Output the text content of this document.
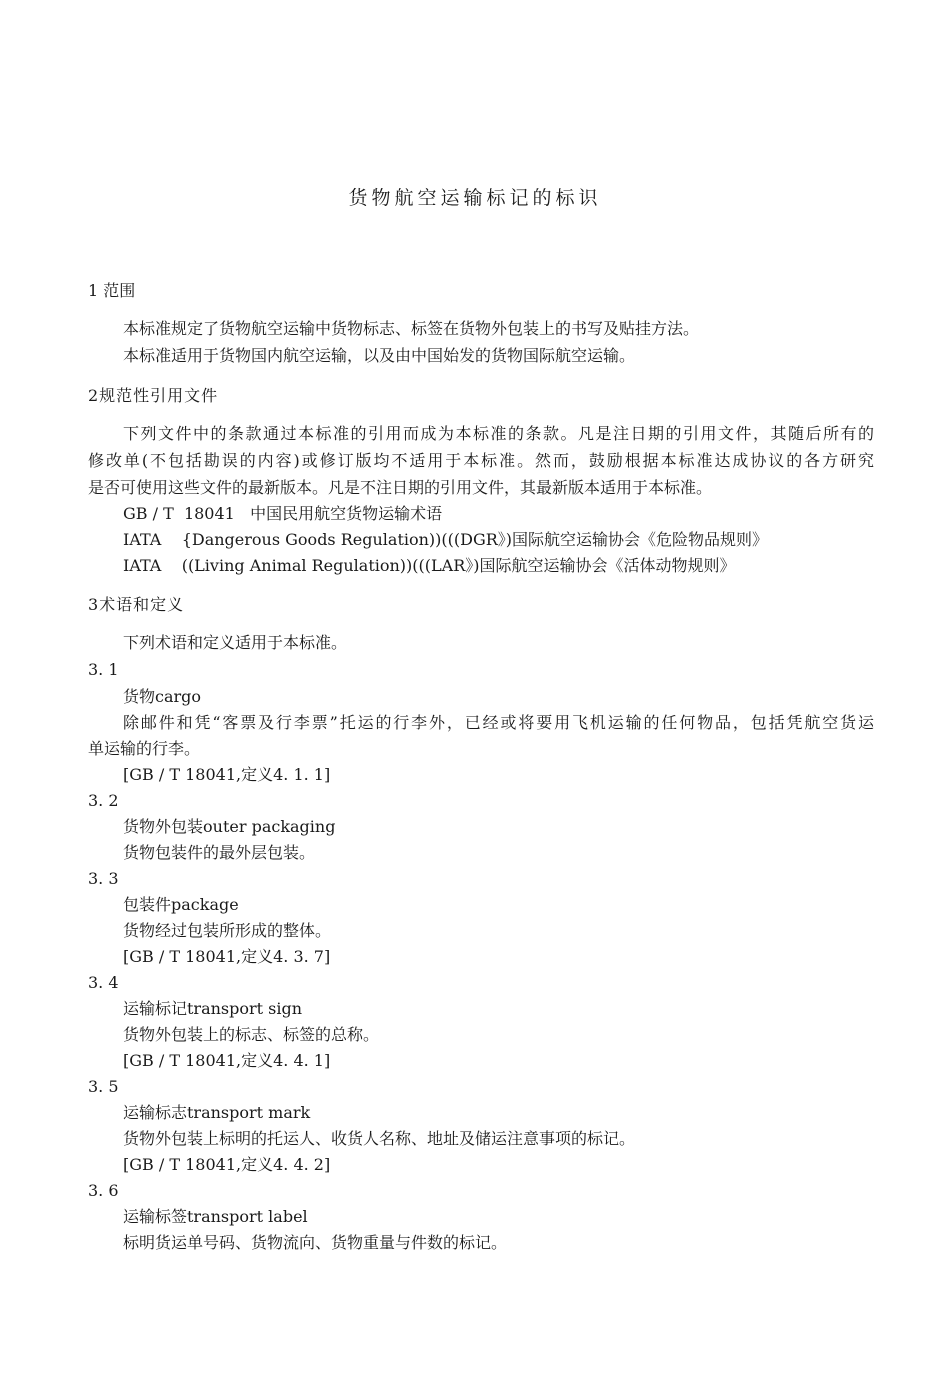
货物航空运输标记的标识
1 范围
本标准规定了货物航空运输中货物标志、标签在货物外包装上的书写及贴挂方法。
本标准适用于货物国内航空运输，以及由中国始发的货物国际航空运输。
2规范性引用文件
下列文件中的条款通过本标准的引用而成为本标准的条款。凡是注日期的引用文件，其随后所有的
修改单(不包括勘误的内容)或修订版均不适用于本标准。然而，鼓励根据本标准达成协议的各方研究
是否可使用这些文件的最新版本。凡是不注日期的引用文件，其最新版本适用于本标准。
GB / T  18041   中国民用航空货物运输术语
IATA    {Dangerous Goods Regulation))(((DGR》)国际航空运输协会《危险物品规则》
IATA    ((Living Animal Regulation))(((LAR》)国际航空运输协会《活体动物规则》
3术语和定义
下列术语和定义适用于本标准。
3. 1
货物cargo
除邮件和凭“客票及行李票”托运的行李外，已经或将要用飞机运输的任何物品，包括凭航空货运
单运输的行李。
[GB / T 18041,定义4. 1. 1]
3. 2
货物外包装outer packaging
货物包装件的最外层包装。
3. 3
包装件package
货物经过包装所形成的整体。
[GB / T 18041,定义4. 3. 7]
3. 4
运输标记transport sign
货物外包装上的标志、标签的总称。
[GB / T 18041,定义4. 4. 1]
3. 5
运输标志transport mark
货物外包装上标明的托运人、收货人名称、地址及储运注意事项的标记。
[GB / T 18041,定义4. 4. 2]
3. 6
运输标签transport label
标明货运单号码、货物流向、货物重量与件数的标记。
